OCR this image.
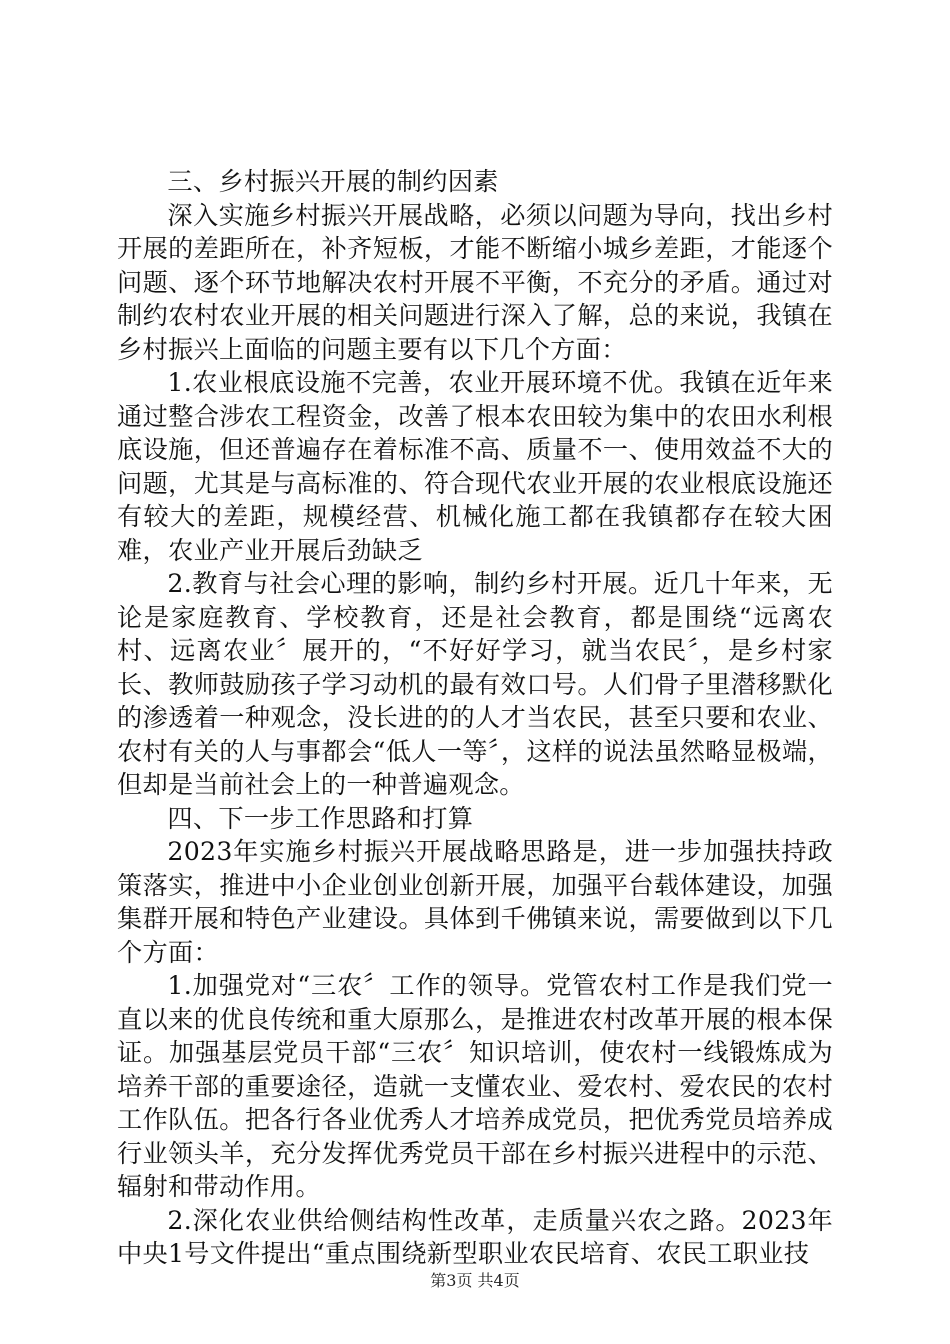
三、乡村振兴开展的制约因素

深入实施乡村振兴开展战略，必须以问题为导向，找出乡村开展的差距所在，补齐短板，才能不断缩小城乡差距，才能逐个问题、逐个环节地解决农村开展不平衡，不充分的矛盾。通过对制约农村农业开展的相关问题进行深入了解，总的来说，我镇在乡村振兴上面临的问题主要有以下几个方面：

1.农业根底设施不完善，农业开展环境不优。我镇在近年来通过整合涉农工程资金，改善了根本农田较为集中的农田水利根底设施，但还普遍存在着标准不高、质量不一、使用效益不大的问题，尤其是与高标准的、符合现代农业开展的农业根底设施还有较大的差距，规模经营、机械化施工都在我镇都存在较大困难，农业产业开展后劲缺乏

2.教育与社会心理的影响，制约乡村开展。近几十年来，无论是家庭教育、学校教育，还是社会教育，都是围绕“远离农村、远离农业〞展开的，“不好好学习，就当农民〞，是乡村家长、教师鼓励孩子学习动机的最有效口号。人们骨子里潜移默化的渗透着一种观念，没长进的的人才当农民，甚至只要和农业、农村有关的人与事都会“低人一等〞，这样的说法虽然略显极端，但却是当前社会上的一种普遍观念。

四、下一步工作思路和打算

2023年实施乡村振兴开展战略思路是，进一步加强扶持政策落实，推进中小企业创业创新开展，加强平台载体建设，加强集群开展和特色产业建设。具体到千佛镇来说，需要做到以下几个方面：

1.加强党对“三农〞工作的领导。党管农村工作是我们党一直以来的优良传统和重大原那么，是推进农村改革开展的根本保证。加强基层党员干部“三农〞知识培训，使农村一线锻炼成为培养干部的重要途径，造就一支懂农业、爱农村、爱农民的农村工作队伍。把各行各业优秀人才培养成党员，把优秀党员培养成行业领头羊，充分发挥优秀党员干部在乡村振兴进程中的示范、辐射和带动作用。

2.深化农业供给侧结构性改革，走质量兴农之路。2023年中央1号文件提出“重点围绕新型职业农民培育、农民工职业技

第3页 共4页
